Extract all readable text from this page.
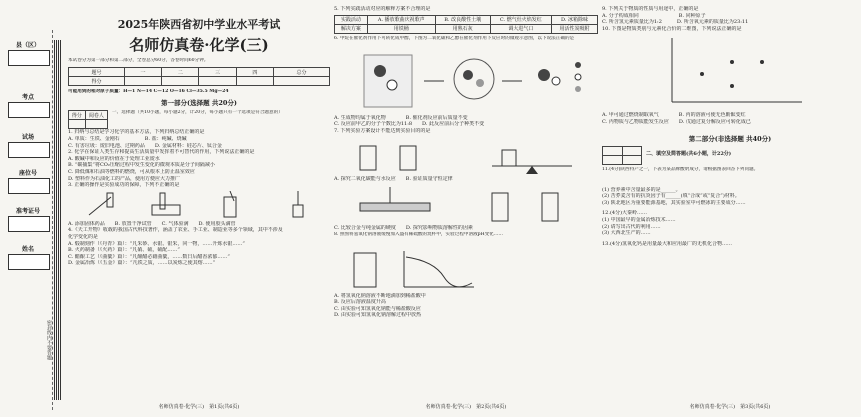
县（区）
考点
试场
座位号
准考证号
姓名
密封线内不要答题
2025年陕西省初中学业水平考试
名师仿真卷·化学(三)
本试卷分为第一部分和第二部分，全卷总分60分，答卷时间60分钟。
题号	一	二	三	四	总分
得分					
可能用到的相对原子质量：H—1 N—14 C—12 O—16 Cl—35.5 Mg—24
第一部分(选择题 共20分)
得分	阅卷人
	一、选择题（共10小题，每小题2分，计20分，每小题只有一个选项是符合题意的）
1. 归纳与总结是学习化学的基本方法，下列归纳总结正确的是
A. 单质：生铁、金刚石　　　　　B. 盐：纯碱、烧碱
C. 有害垃圾：废旧电池、过期药品　　D. 金属材料：硅芯片、钛合金
2. 化学在保证人类生存和提高生活质量中发挥着不可替代的作用，下列说法正确的是
A. 酸碱中和反应的价值在于处理工业废水
B. “碳捕集”将CO₂压缩过程中发生变化的微观本质是分子间隔减小
C. 降低煤和石油等燃料的燃烧，可从根本上防止温室效应
D. 塑料作为石油化工的产品，使用方便应大力推广
3. 正确的操作是实验成功的保障，下列不正确的是
A. 添加固体药品　　B. 放置干净试管　　C. 气体验满　　D. 使用胶头滴管
4.《天工开物》收载的我国古代科技著作，涵盖了农业、手工业、制造业等多个领域，其中不涉及
化学变化的是
A. 煅制刻作（《丹青》篇）：“凡朱砂、水银、银朱，同一物，……升炼水银……”
B. 火药制备（《火药》篇）：“凡硝、硫，硫配……”
C. 醋酿工艺（《曲糵》篇）：“凡酿醋必藉曲糵，……数日后醋香浓郁……”
D. 金属冶炼（《五金》篇）：“凡铁之质，……以炭炼之使其熔……”
名师仿真卷·化学(三)　第1页(共6页)
5. 下列实践活动对应的解释方案不合理的是
实践活动	A. 播放歌曲庆祝歌声	B. 改良酸性土壤	C. 燃气灶火焰发红	D. 冰箱除味
解决方案	用铁桶	用熟石灰	调大进气口	用活性炭吸附
6. 甲烷在催化剂作用下可转化成甲醇，下图为二氧化碳和乙醇在催化剂作用下反应时的微观示意图，以下说法正确的是
A. 生成物均属于氧化物　　　　B. 催化剂反应前后质量不变
C. 反应前甲乙的分子个数比为11:8　　D. 此反应前后分子种类不变
7. 下列实验方案设计不能达到实验目的的是
A. 探究二氧化碳能与水反应　　B. 验证质量守恒定律
C. 比较合金与纯金属的硬度　　D. 探究影响物质溶解性的因素
8. 照图将氢氧化钠溶液缓慢加入盛有稀硫酸的烧杯中，实验过程中溶液pH变化……
A. 将氢氧化钠溶液不断地滴加到稀盐酸中
B. 反应后溶液温度升高
C. 由实验可知氢氧化钠能与稀盐酸反应
D. 由实验可知氢氧化钠溶解过程中放热
名师仿真卷·化学(三)　第2页(共6页)
9. 下列关于物质的性质与用途中，正确的是
A. 分子构成相同　　　　　　　　B. 同种原子
C. 所含氢元素质量比为1:2　　　D. 所含氧元素的质量比为23:11
10. 下图是物质类别与元素化合价的二维图，下列说法正确的是
A. 甲可通过燃烧制取氧气　　　　B. 丙的溶液可使无色酚酞变红
C. 丙物质与乙物质能发生反应　　D. 戊通过复分解反应可转化成已
第二部分(非选择题 共40分)

二、填空及简答题(共6小题，计22分)
11.(4分)陕西特产之一，下表为某品牌酸奶成分，请根据图表回答下列问题。
(1) 营养素中含量最多的是______。
(2) 苦荞麦含有的抗炎因子有______(填“合成”或“复合”)材料。
(3) 陕北地区为重要能源基地，其实验室中可燃冰的主要成分……
12.(4分)大秦岭……
(1) 中国最早的金属冶炼技术……
(2) 请写出古代的利用……
(3) 大西北生产的……
13.(4分)氢氧化钙是用量最大和应用最广的无机化合物……
名师仿真卷·化学(三)　第3页(共6页)
